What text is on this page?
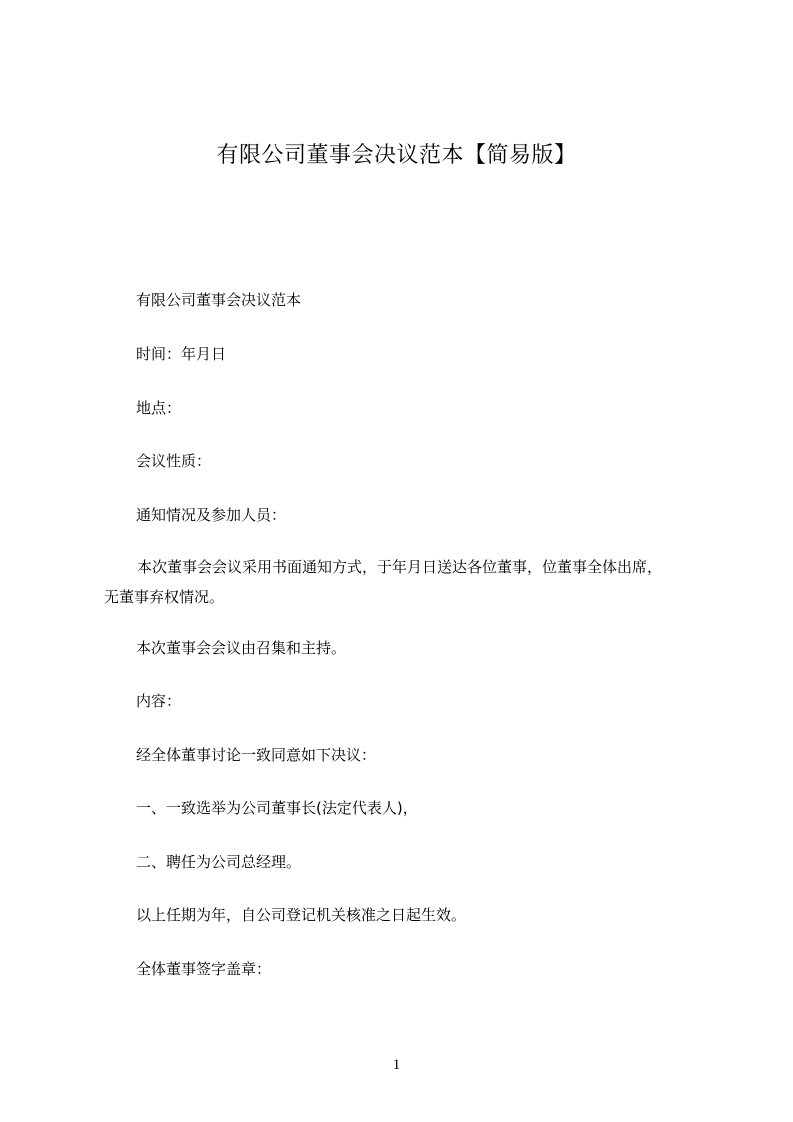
有限公司董事会决议范本【简易版】
有限公司董事会决议范本
时间：年月日
地点：
会议性质：
通知情况及参加人员：
本次董事会会议采用书面通知方式，于年月日送达各位董事，位董事全体出席，
无董事弃权情况。
本次董事会会议由召集和主持。
内容：
经全体董事讨论一致同意如下决议：
一、一致选举为公司董事长(法定代表人)，
二、聘任为公司总经理。
以上任期为年，自公司登记机关核准之日起生效。
全体董事签字盖章：
1
